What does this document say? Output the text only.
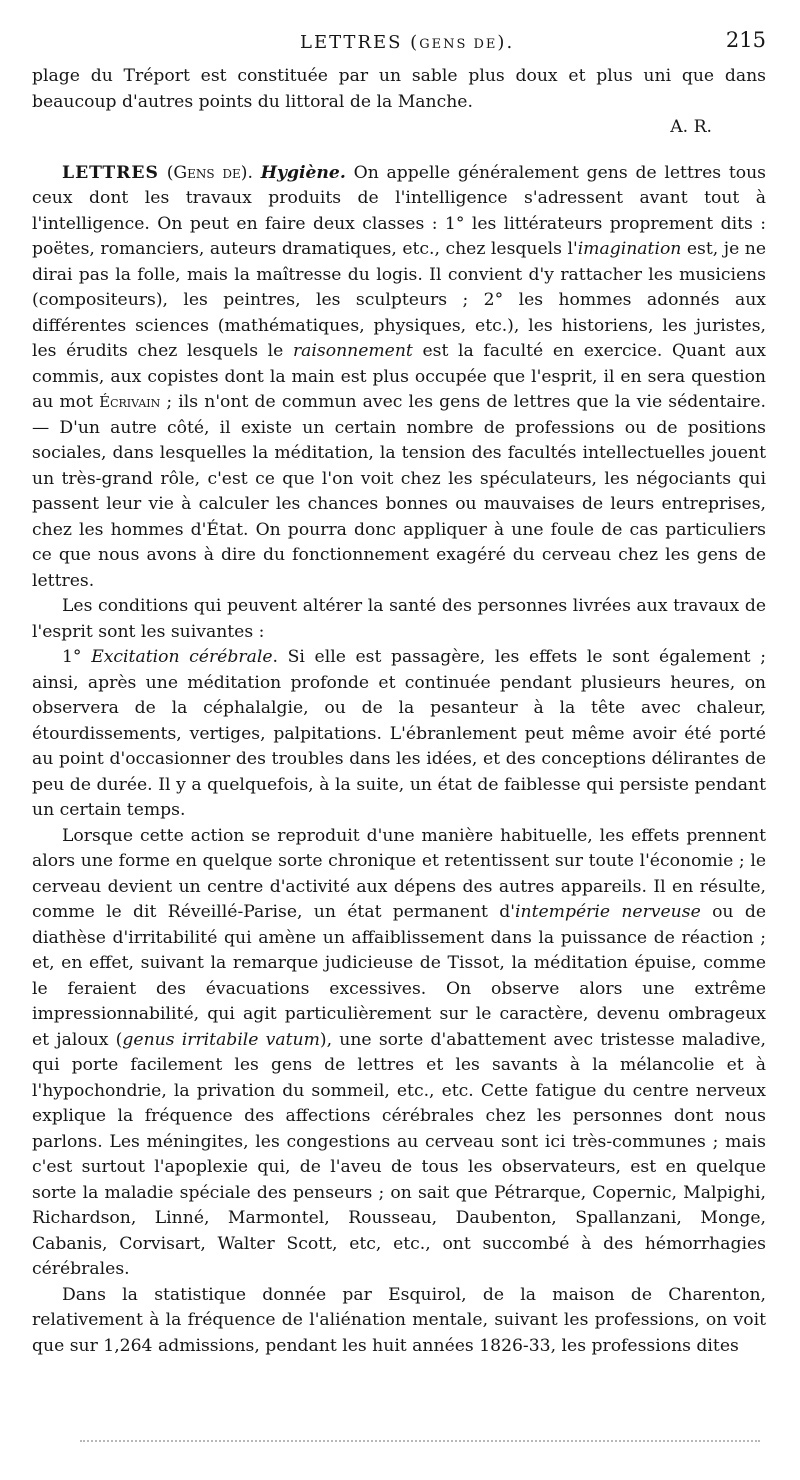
LETTRES (GENS DE).	215

plage du Tréport est constituée par un sable plus doux et plus uni que dans beaucoup d'autres points du littoral de la Manche.

A. R.

LETTRES (Gens de). Hygiène. On appelle généralement gens de lettres tous ceux dont les travaux produits de l'intelligence s'adressent avant tout à l'intelligence. On peut en faire deux classes : 1° les littérateurs proprement dits : poëtes, romanciers, auteurs dramatiques, etc., chez lesquels l'imagination est, je ne dirai pas la folle, mais la maîtresse du logis. Il convient d'y rattacher les musiciens (compositeurs), les peintres, les sculpteurs ; 2° les hommes adonnés aux différentes sciences (mathématiques, physiques, etc.), les historiens, les juristes, les érudits chez lesquels le raisonnement est la faculté en exercice. Quant aux commis, aux copistes dont la main est plus occupée que l'esprit, il en sera question au mot Écrivain ; ils n'ont de commun avec les gens de lettres que la vie sédentaire. — D'un autre côté, il existe un certain nombre de professions ou de positions sociales, dans lesquelles la méditation, la tension des facultés intellectuelles jouent un très-grand rôle, c'est ce que l'on voit chez les spéculateurs, les négociants qui passent leur vie à calculer les chances bonnes ou mauvaises de leurs entreprises, chez les hommes d'État. On pourra donc appliquer à une foule de cas particuliers ce que nous avons à dire du fonctionnement exagéré du cerveau chez les gens de lettres.

Les conditions qui peuvent altérer la santé des personnes livrées aux travaux de l'esprit sont les suivantes :

1° Excitation cérébrale. Si elle est passagère, les effets le sont également ; ainsi, après une méditation profonde et continuée pendant plusieurs heures, on observera de la céphalalgie, ou de la pesanteur à la tête avec chaleur, étourdissements, vertiges, palpitations. L'ébranlement peut même avoir été porté au point d'occasionner des troubles dans les idées, et des conceptions délirantes de peu de durée. Il y a quelquefois, à la suite, un état de faiblesse qui persiste pendant un certain temps.

Lorsque cette action se reproduit d'une manière habituelle, les effets prennent alors une forme en quelque sorte chronique et retentissent sur toute l'économie ; le cerveau devient un centre d'activité aux dépens des autres appareils. Il en résulte, comme le dit Réveillé-Parise, un état permanent d'intempérie nerveuse ou de diathèse d'irritabilité qui amène un affaiblissement dans la puissance de réaction ; et, en effet, suivant la remarque judicieuse de Tissot, la méditation épuise, comme le feraient des évacuations excessives. On observe alors une extrême impressionnabilité, qui agit particulièrement sur le caractère, devenu ombrageux et jaloux (genus irritabile vatum), une sorte d'abattement avec tristesse maladive, qui porte facilement les gens de lettres et les savants à la mélancolie et à l'hypochondrie, la privation du sommeil, etc., etc. Cette fatigue du centre nerveux explique la fréquence des affections cérébrales chez les personnes dont nous parlons. Les méningites, les congestions au cerveau sont ici très-communes ; mais c'est surtout l'apoplexie qui, de l'aveu de tous les observateurs, est en quelque sorte la maladie spéciale des penseurs ; on sait que Pétrarque, Copernic, Malpighi, Richardson, Linné, Marmontel, Rousseau, Daubenton, Spallanzani, Monge, Cabanis, Corvisart, Walter Scott, etc, etc., ont succombé à des hémorrhagies cérébrales.

Dans la statistique donnée par Esquirol, de la maison de Charenton, relativement à la fréquence de l'aliénation mentale, suivant les professions, on voit que sur 1,264 admissions, pendant les huit années 1826-33, les professions dites
